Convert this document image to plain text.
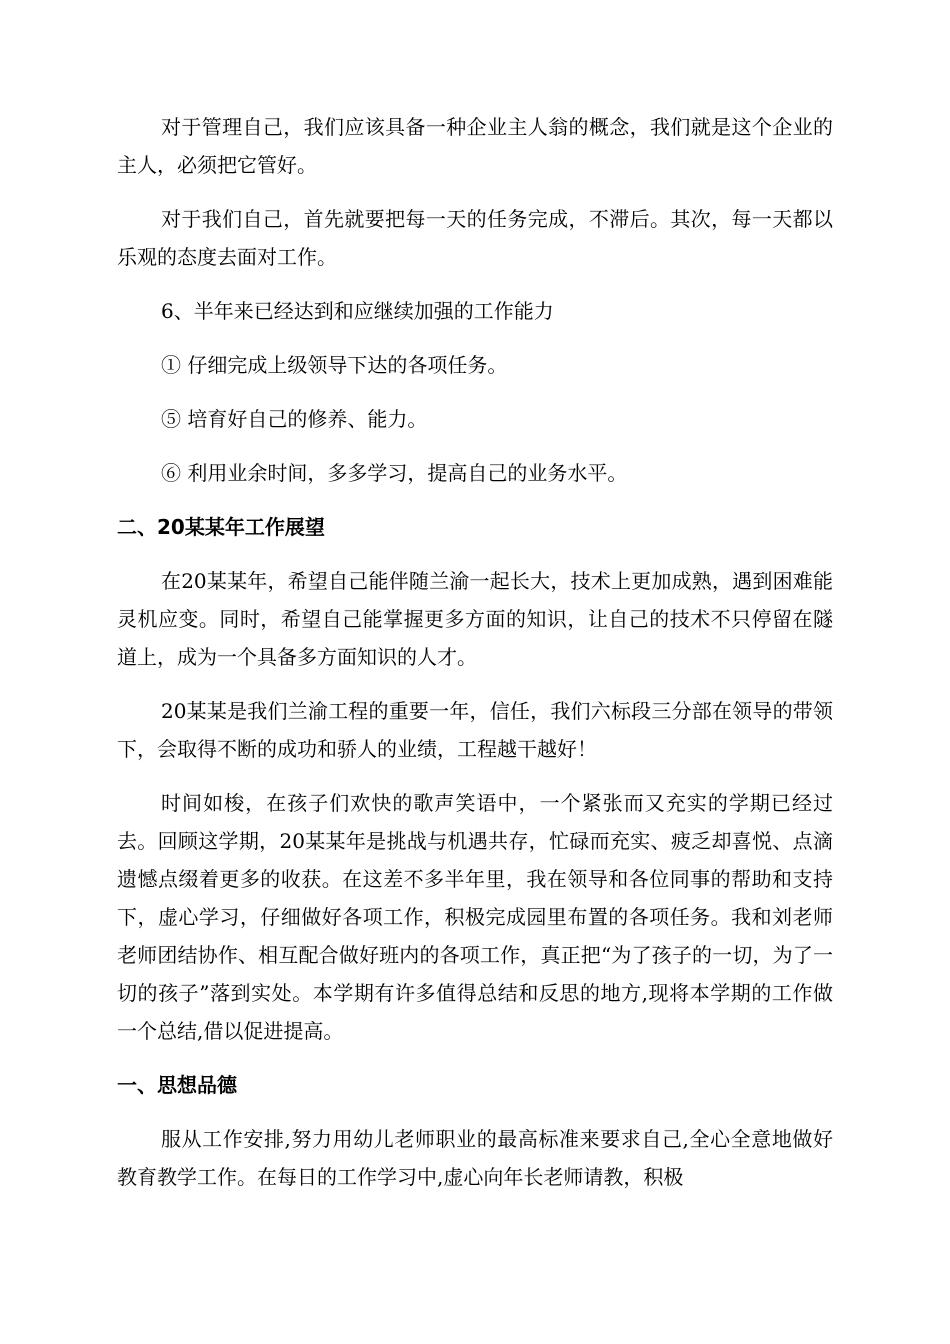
对于管理自己，我们应该具备一种企业主人翁的概念，我们就是这个企业的主人，必须把它管好。

对于我们自己，首先就要把每一天的任务完成，不滞后。其次，每一天都以乐观的态度去面对工作。

6、半年来已经达到和应继续加强的工作能力

① 仔细完成上级领导下达的各项任务。

⑤ 培育好自己的修养、能力。

⑥ 利用业余时间，多多学习，提高自己的业务水平。

二、20某某年工作展望

在20某某年，希望自己能伴随兰渝一起长大，技术上更加成熟，遇到困难能灵机应变。同时，希望自己能掌握更多方面的知识，让自己的技术不只停留在隧道上，成为一个具备多方面知识的人才。

20某某是我们兰渝工程的重要一年，信任，我们六标段三分部在领导的带领下，会取得不断的成功和骄人的业绩，工程越干越好！

时间如梭，在孩子们欢快的歌声笑语中，一个紧张而又充实的学期已经过去。回顾这学期，20某某年是挑战与机遇共存，忙碌而充实、疲乏却喜悦、点滴遗憾点缀着更多的收获。在这差不多半年里，我在领导和各位同事的帮助和支持下，虚心学习，仔细做好各项工作，积极完成园里布置的各项任务。我和刘老师老师团结协作、相互配合做好班内的各项工作，真正把“为了孩子的一切，为了一切的孩子”落到实处。本学期有许多值得总结和反思的地方,现将本学期的工作做一个总结,借以促进提高。

一、思想品德

服从工作安排,努力用幼儿老师职业的最高标准来要求自己,全心全意地做好教育教学工作。在每日的工作学习中,虚心向年长老师请教，积极
